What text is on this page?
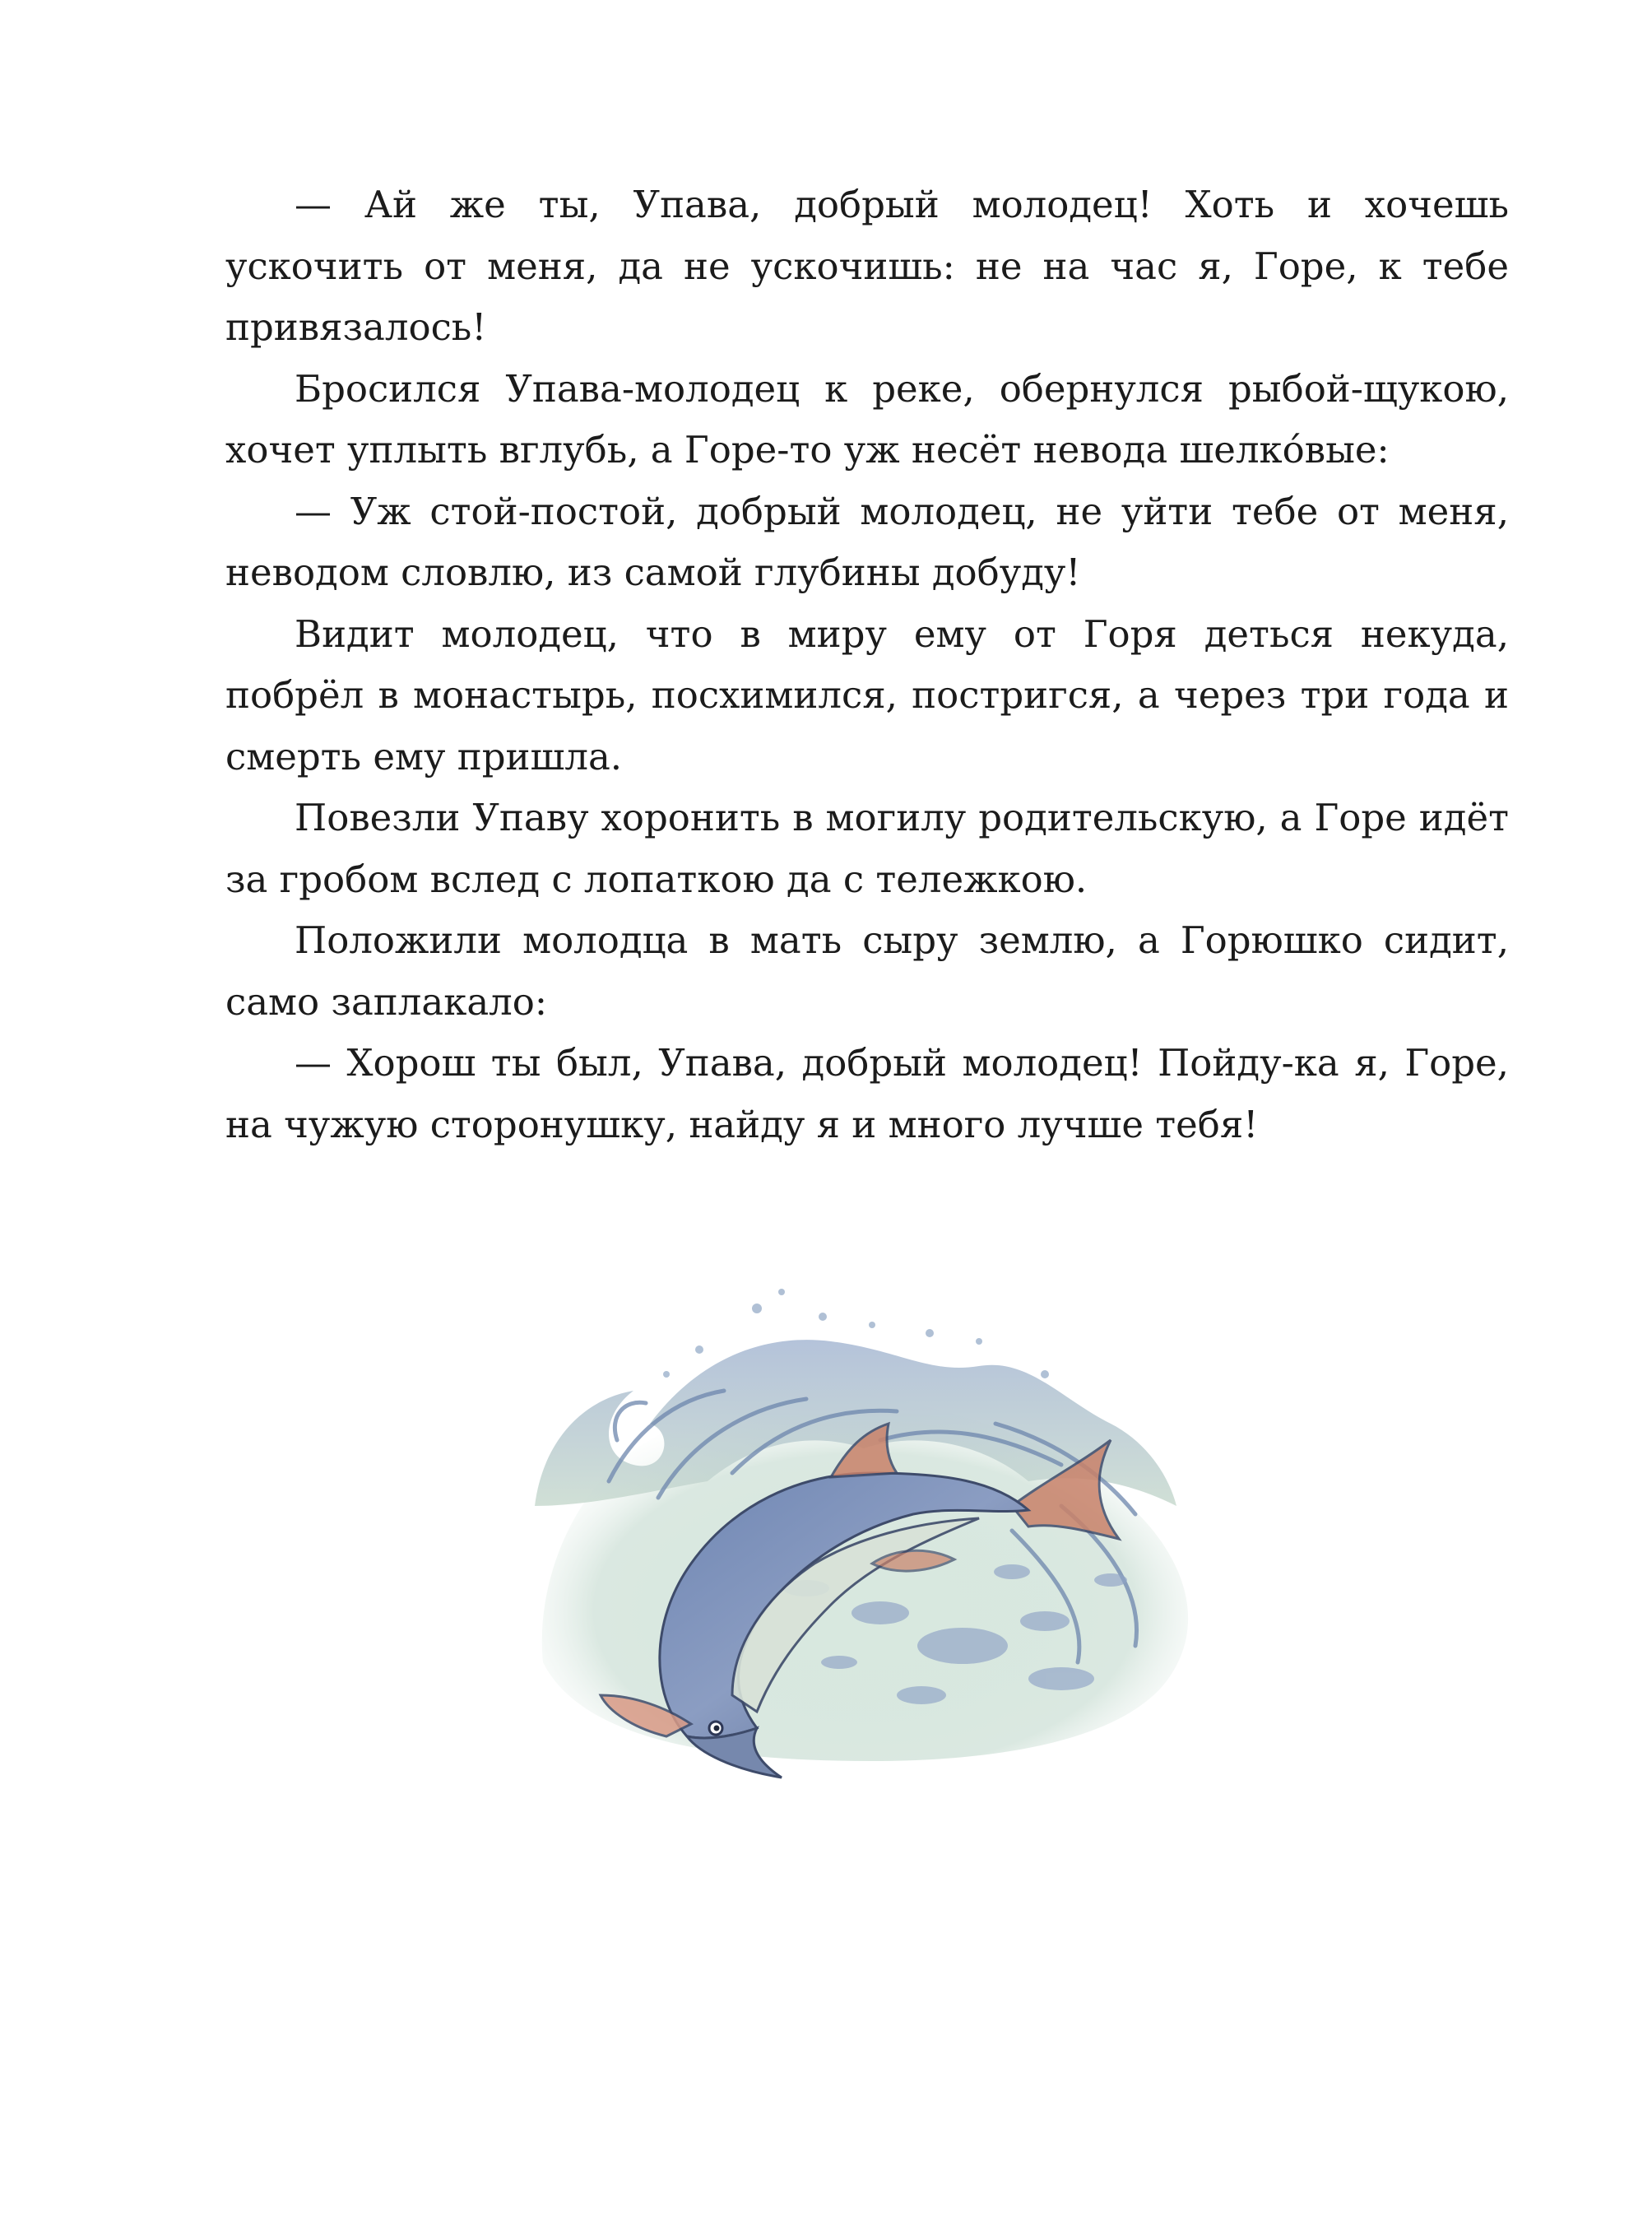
— Ай же ты, Упава, добрый молодец! Хоть и хочешь ускочить от меня, да не ускочишь: не на час я, Горе, к тебе привязалось!

Бросился Упава-молодец к реке, обернулся рыбой-щукою, хочет уплыть вглубь, а Горе-то уж несёт невода шелко́вые:

— Уж стой-постой, добрый молодец, не уйти тебе от меня, неводом словлю, из самой глубины добуду!

Видит молодец, что в миру ему от Горя деться некуда, побрёл в монастырь, посхимился, постригся, а через три года и смерть ему пришла.

Повезли Упаву хоронить в могилу родительскую, а Горе идёт за гробом вслед с лопаткою да с тележкою.

Положили молодца в мать сыру землю, а Горюшко сидит, само заплакало:

— Хорош ты был, Упава, добрый молодец! Пойду-ка я, Горе, на чужую сторонушку, найду я и много лучше тебя!
